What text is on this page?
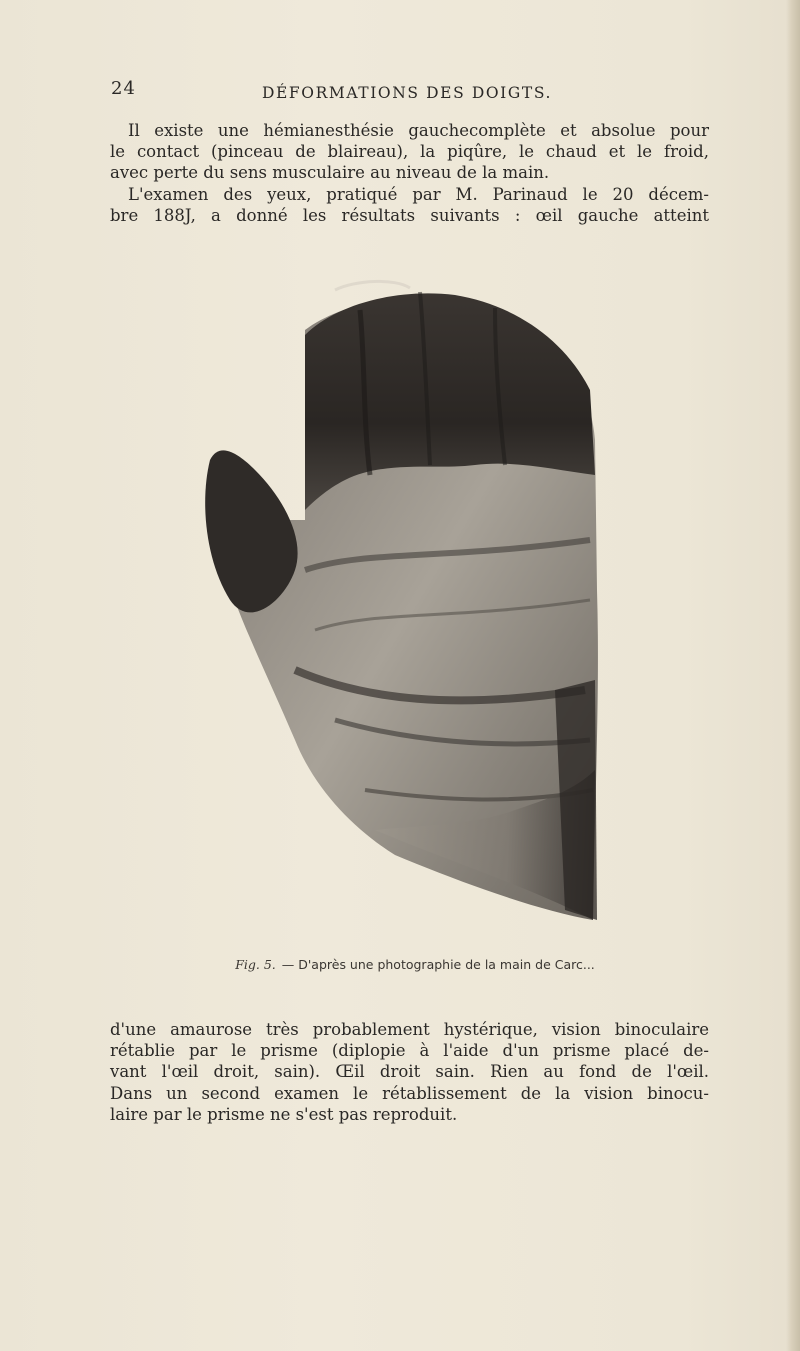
24	DÉFORMATIONS DES DOIGTS.
Il existe une hémianesthésie gauchecomplète et absolue pour
le contact (pinceau de blaireau), la piqûre, le chaud et le froid,
avec perte du sens musculaire au niveau de la main.
L'examen des yeux, pratiqué par M. Parinaud le 20 décem-
bre 188J, a donné les résultats suivants : œil gauche atteint
Fig. 5. — D'après une photographie de la main de Carc...
d'une amaurose très probablement hystérique, vision binoculaire
rétablie par le prisme (diplopie à l'aide d'un prisme placé de-
vant l'œil droit, sain). Œil droit sain. Rien au fond de l'œil.
Dans un second examen le rétablissement de la vision binocu-
laire par le prisme ne s'est pas reproduit.
